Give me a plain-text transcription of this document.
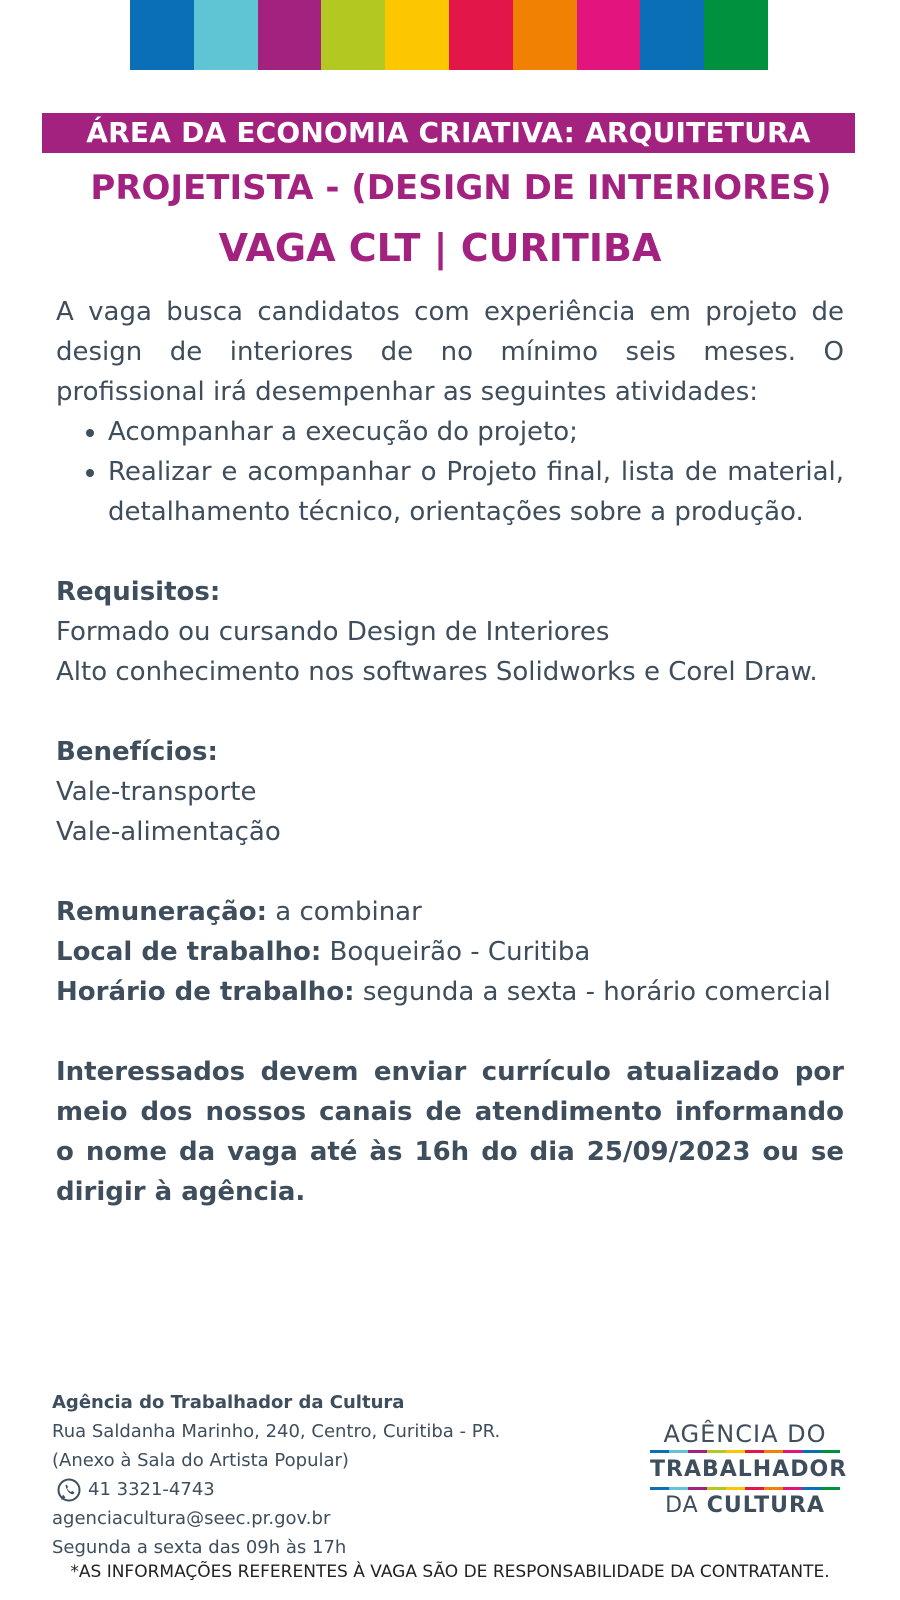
ÁREA DA ECONOMIA CRIATIVA: ARQUITETURA
PROJETISTA - (DESIGN DE INTERIORES)
VAGA CLT | CURITIBA

A vaga busca candidatos com experiência em projeto de design de interiores de no mínimo seis meses. O profissional irá desempenhar as seguintes atividades:

• Acompanhar a execução do projeto;
• Realizar e acompanhar o Projeto final, lista de material, detalhamento técnico, orientações sobre a produção.

Requisitos:

Formado ou cursando Design de Interiores

Alto conhecimento nos softwares Solidworks e Corel Draw.

Benefícios:

Vale-transporte

Vale-alimentação

Remuneração: a combinar

Local de trabalho: Boqueirão - Curitiba

Horário de trabalho: segunda a sexta - horário comercial

Interessados devem enviar currículo atualizado por meio dos nossos canais de atendimento informando o nome da vaga até às 16h do dia 25/09/2023 ou se dirigir à agência.

Agência do Trabalhador da Cultura
Rua Saldanha Marinho, 240, Centro, Curitiba - PR.
(Anexo à Sala do Artista Popular)
41 3321-4743
agenciacultura@seec.pr.gov.br
Segunda a sexta das 09h às 17h
AGÊNCIA DO
TRABALHADOR
DA CULTURA
*AS INFORMAÇÕES REFERENTES À VAGA SÃO DE RESPONSABILIDADE DA CONTRATANTE.
